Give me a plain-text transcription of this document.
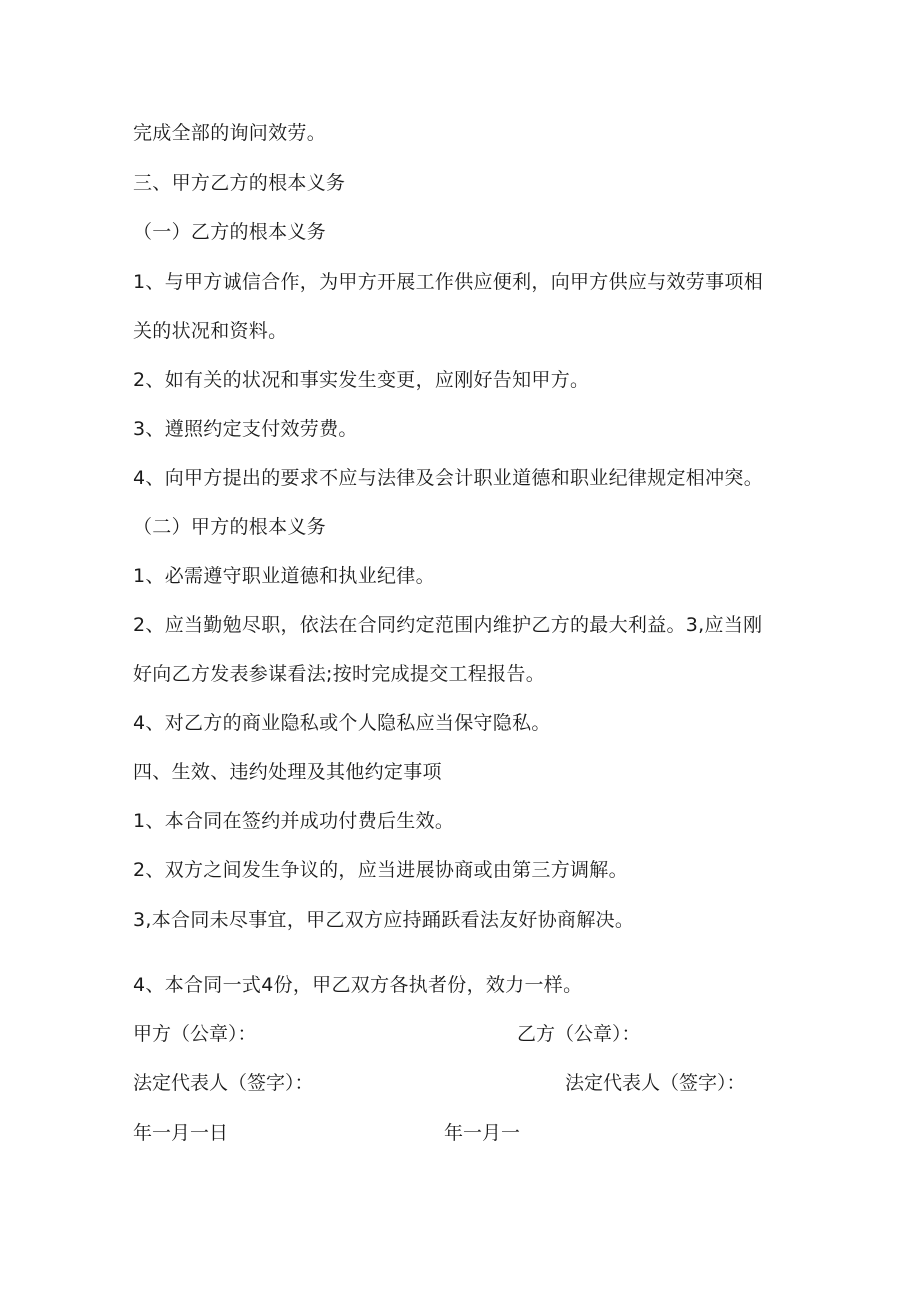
完成全部的询问效劳。
三、甲方乙方的根本义务
（一）乙方的根本义务
1、与甲方诚信合作，为甲方开展工作供应便利，向甲方供应与效劳事项相
关的状况和资料。
2、如有关的状况和事实发生变更，应刚好告知甲方。
3、遵照约定支付效劳费。
4、向甲方提出的要求不应与法律及会计职业道德和职业纪律规定相冲突。
（二）甲方的根本义务
1、必需遵守职业道德和执业纪律。
2、应当勤勉尽职，依法在合同约定范围内维护乙方的最大利益。3,应当刚
好向乙方发表参谋看法;按时完成提交工程报告。
4、对乙方的商业隐私或个人隐私应当保守隐私。
四、生效、违约处理及其他约定事项
1、本合同在签约并成功付费后生效。
2、双方之间发生争议的，应当进展协商或由第三方调解。
3,本合同未尽事宜，甲乙双方应持踊跃看法友好协商解决。
4、本合同一式4份，甲乙双方各执者份，效力一样。
甲方（公章）：	乙方（公章）：
法定代表人（签字）：	法定代表人（签字）：
年一月一日	年一月一
